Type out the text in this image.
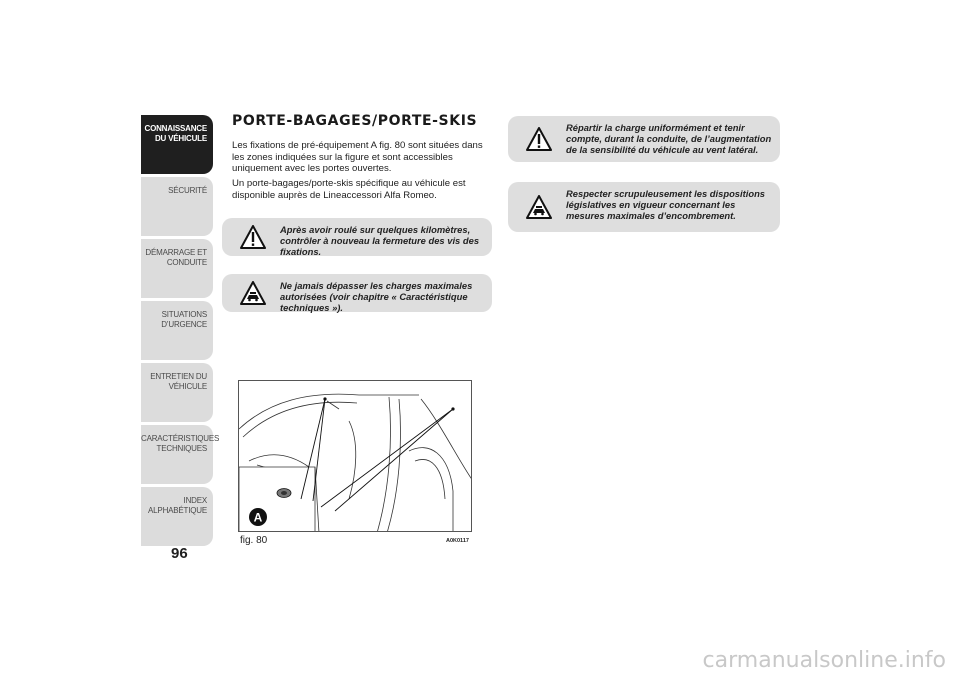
CONNAISSANCE
DU VÉHICULE
SÉCURITÉ
DÉMARRAGE ET
CONDUITE
SITUATIONS
D’URGENCE
ENTRETIEN DU
VÉHICULE
CARACTÉRISTIQUES
TECHNIQUES
INDEX
ALPHABÉTIQUE
96
PORTE-BAGAGES/PORTE-SKIS

Les fixations de pré-équipement A fig. 80 sont situées dans les zones indiquées sur la figure et sont accessibles uniquement avec les portes ouvertes.

Un porte-bagages/porte-skis spécifique au véhicule est disponible auprès de Lineaccessori Alfa Romeo.

Après avoir roulé sur quelques kilomètres, contrôler à nouveau la fermeture des vis des fixations.
Ne jamais dépasser les charges maximales autorisées (voir chapitre « Caractéristique techniques »).
A
fig. 80	A0K0117
Répartir la charge uniformément et tenir compte, durant la conduite, de l’augmentation de la sensibilité du véhicule au vent latéral.
Respecter scrupuleusement les dispositions législatives en vigueur concernant les mesures maximales d’encombrement.
carmanualsonline.info
